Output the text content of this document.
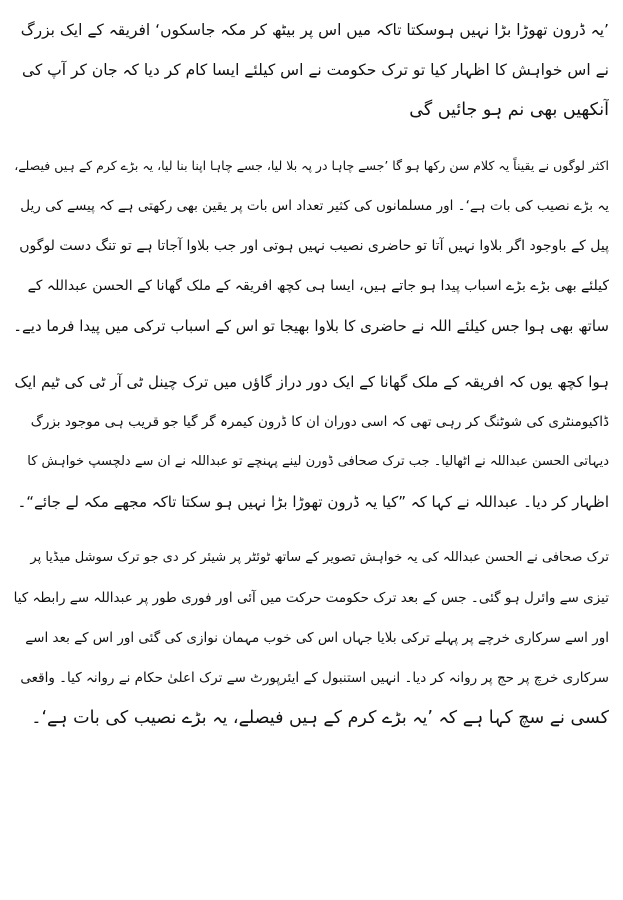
’یہ ڈرون تھوڑا بڑا نہیں ہوسکتا تاکہ میں اس پر بیٹھ کر مکہ جاسکوں‘ افریقہ کے ایک بزرگ
نے اس خواہش کا اظہار کیا تو ترک حکومت نے اس کیلئے ایسا کام کر دیا کہ جان کر آپ کی
آنکھیں بھی نم ہو جائیں گی

اکثر لوگوں نے یقیناً یہ کلام سن رکھا ہو گا ’جسے چاہا در پہ بلا لیا، جسے چاہا اپنا بنا لیا، یہ بڑے کرم کے ہیں فیصلے،
یہ بڑے نصیب کی بات ہے‘۔ اور مسلمانوں کی کثیر تعداد اس بات پر یقین بھی رکھتی ہے کہ پیسے کی ریل
پیل کے باوجود اگر بلاوا نہیں آتا تو حاضری نصیب نہیں ہوتی اور جب بلاوا آجاتا ہے تو تنگ دست لوگوں
کیلئے بھی بڑے بڑے اسباب پیدا ہو جاتے ہیں، ایسا ہی کچھ افریقہ کے ملک گھانا کے الحسن عبداللہ کے
ساتھ بھی ہوا جس کیلئے اللہ نے حاضری کا بلاوا بھیجا تو اس کے اسباب ترکی میں پیدا فرما دیے۔

ہوا کچھ یوں کہ افریقہ کے ملک گھانا کے ایک دور دراز گاؤں میں ترک چینل ٹی آر ٹی کی ٹیم ایک
ڈاکیومنٹری کی شوٹنگ کر رہی تھی کہ اسی دوران ان کا ڈرون کیمرہ گر گیا جو قریب ہی موجود بزرگ
دیہاتی الحسن عبداللہ نے اٹھالیا۔ جب ترک صحافی ڈورن لینے پہنچے تو عبداللہ نے ان سے دلچسپ خواہش کا
اظہار کر دیا۔ عبداللہ نے کہا کہ ”کیا یہ ڈرون تھوڑا بڑا نہیں ہو سکتا تاکہ مجھے مکہ لے جائے“۔

ترک صحافی نے الحسن عبداللہ کی یہ خواہش تصویر کے ساتھ ٹوئٹر پر شیئر کر دی جو ترک سوشل میڈیا پر
تیزی سے وائرل ہو گئی۔ جس کے بعد ترک حکومت حرکت میں آئی اور فوری طور پر عبداللہ سے رابطہ کیا
اور اسے سرکاری خرچے پر پہلے ترکی بلایا جہاں اس کی خوب مہمان نوازی کی گئی اور اس کے بعد اسے
سرکاری خرچ پر حج پر روانہ کر دیا۔ انہیں استنبول کے ایئرپورٹ سے ترک اعلیٰ حکام نے روانہ کیا۔ واقعی
کسی نے سچ کہا ہے کہ ’یہ بڑے کرم کے ہیں فیصلے، یہ بڑے نصیب کی بات ہے‘۔
